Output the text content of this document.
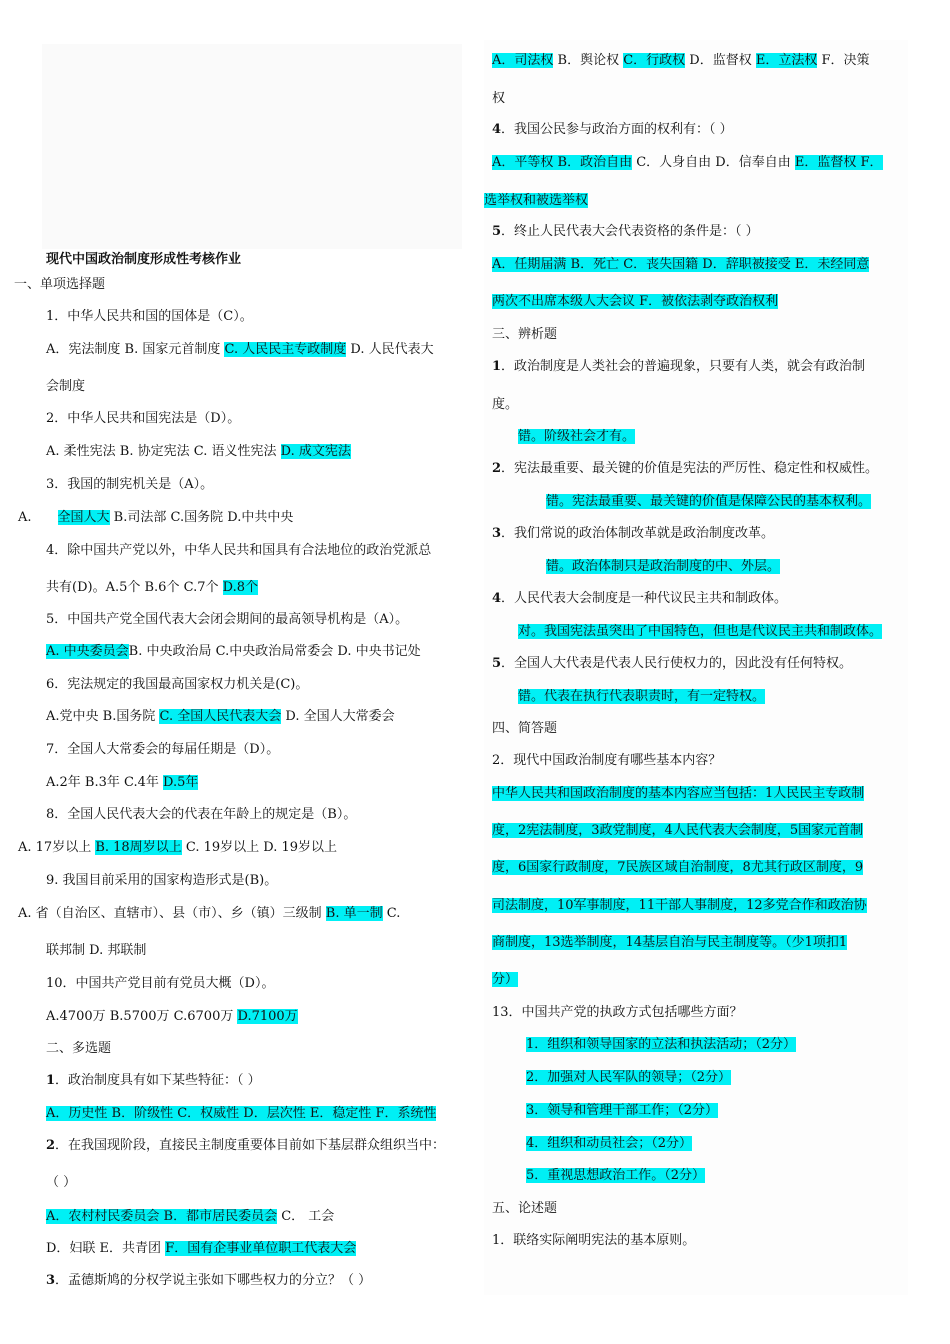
现代中国政治制度形成性考核作业
一、单项选择题
1．中华人民共和国的国体是（C）。
A．宪法制度 B. 国家元首制度 C. 人民民主专政制度 D. 人民代表大
会制度
2．中华人民共和国宪法是（D）。
A. 柔性宪法 B. 协定宪法 C. 语义性宪法 D. 成文宪法
3．我国的制宪机关是（A）。
A. 全国人大 B.司法部 C.国务院 D.中共中央
4．除中国共产党以外，中华人民共和国具有合法地位的政治党派总
共有(D)。A.5个 B.6个 C.7个 D.8个
5．中国共产党全国代表大会闭会期间的最高领导机构是（A）。
A. 中央委员会B. 中央政治局 C.中央政治局常委会 D. 中央书记处
6．宪法规定的我国最高国家权力机关是(C)。
A.党中央 B.国务院 C. 全国人民代表大会 D. 全国人大常委会
7．全国人大常委会的每届任期是（D）。
A.2年 B.3年 C.4年 D.5年
8．全国人民代表大会的代表在年龄上的规定是（B）。
A. 17岁以上 B. 18周岁以上 C. 19岁以上 D. 19岁以上
9. 我国目前采用的国家构造形式是(B)。
A. 省（自治区、直辖市）、县（市）、乡（镇）三级制 B. 单一制 C.
联邦制 D. 邦联制
10．中国共产党目前有党员大概（D）。
A.4700万 B.5700万 C.6700万 D.7100万
二、多选题
1．政治制度具有如下某些特征：（ ）
A．历史性 B．阶级性 C．权威性 D．层次性 E．稳定性 F．系统性
2．在我国现阶段，直接民主制度重要体目前如下基层群众组织当中：
（ ）
A．农村村民委员会 B．都市居民委员会 C． 工会
D．妇联 E．共青团 F．国有企事业单位职工代表大会
3．孟德斯鸠的分权学说主张如下哪些权力的分立？（ ）
A．司法权 B．舆论权 C．行政权 D．监督权 E．立法权 F．决策
权
4．我国公民参与政治方面的权利有：（ ）
A．平等权 B．政治自由 C．人身自由 D．信奉自由 E．监督权 F．
选举权和被选举权
5．终止人民代表大会代表资格的条件是：（ ）
A．任期届满 B．死亡 C．丧失国籍 D．辞职被接受 E．未经同意
两次不出席本级人大会议 F．被依法剥夺政治权利
三、辨析题
1．政治制度是人类社会的普遍现象，只要有人类，就会有政治制
度。
错。阶级社会才有。
2．宪法最重要、最关键的价值是宪法的严厉性、稳定性和权威性。
错。宪法最重要、最关键的价值是保障公民的基本权利。
3．我们常说的政治体制改革就是政治制度改革。
错。政治体制只是政治制度的中、外层。
4．人民代表大会制度是一种代议民主共和制政体。
对。我国宪法虽突出了中国特色，但也是代议民主共和制政体。
5．全国人大代表是代表人民行使权力的，因此没有任何特权。
错。代表在执行代表职责时，有一定特权。
四、简答题
2．现代中国政治制度有哪些基本内容？
中华人民共和国政治制度的基本内容应当包括：1人民民主专政制
度，2宪法制度，3政党制度，4人民代表大会制度，5国家元首制
度，6国家行政制度，7民族区域自治制度，8尤其行政区制度，9
司法制度，10军事制度，11干部人事制度，12多党合作和政治协
商制度，13选举制度，14基层自治与民主制度等。（少1项扣1
分）
13．中国共产党的执政方式包括哪些方面？
1．组织和领导国家的立法和执法活动；（2分）
2．加强对人民军队的领导；（2分）
3．领导和管理干部工作；（2分）
4．组织和动员社会；（2分）
5．重视思想政治工作。（2分）
五、论述题
1．联络实际阐明宪法的基本原则。
